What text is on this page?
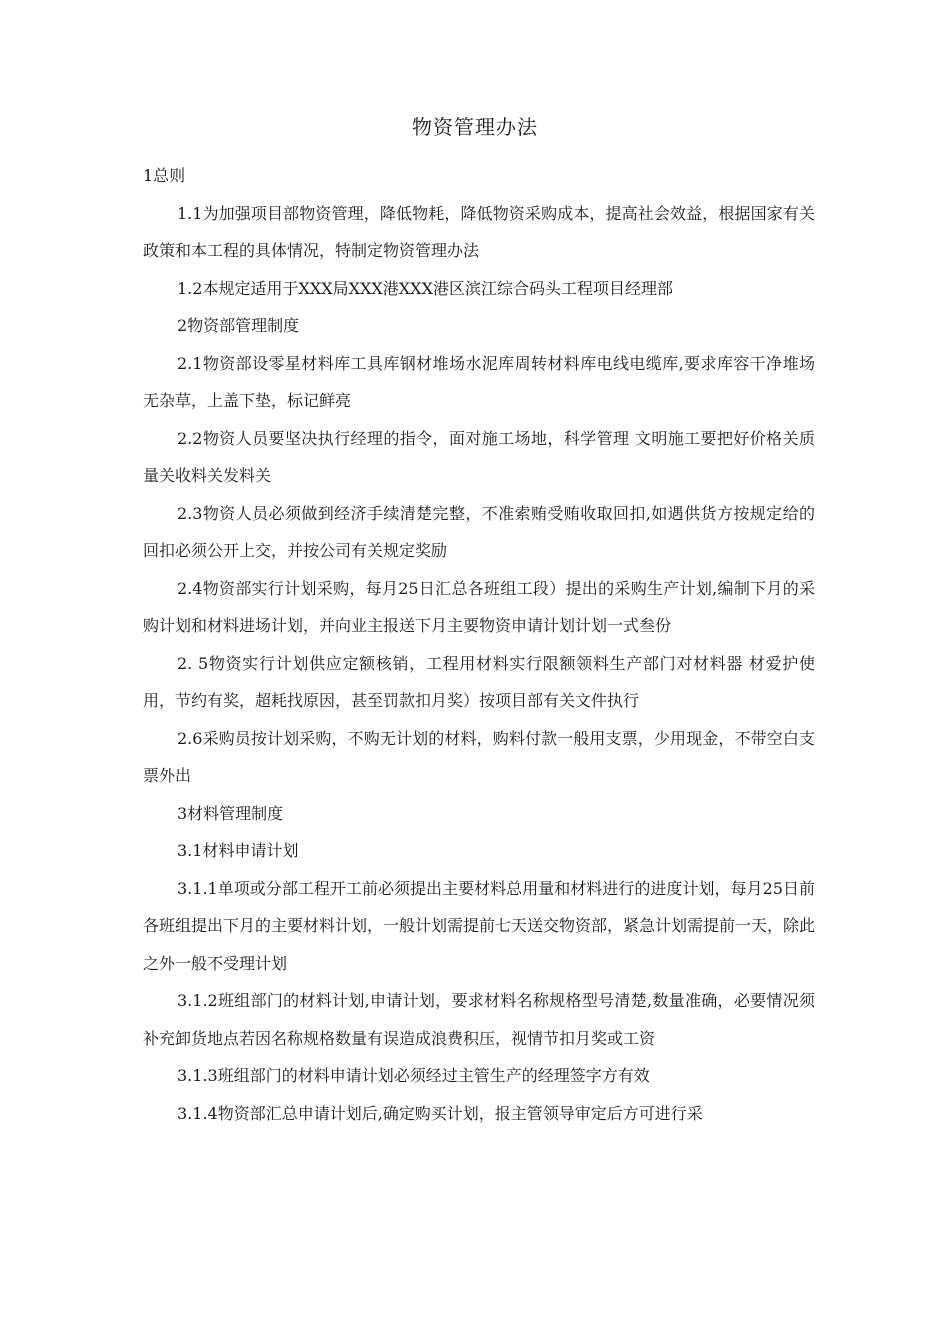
物资管理办法

1总则

1.1为加强项目部物资管理，降低物耗，降低物资采购成本，提高社会效益，根据国家有关政策和本工程的具体情况，特制定物资管理办法

1.2本规定适用于XXX局XXX港XXX港区滨江综合码头工程项目经理部

2物资部管理制度

2.1物资部设零星材料库工具库钢材堆场水泥库周转材料库电线电缆库,要求库容干净堆场无杂草，上盖下垫，标记鲜亮

2.2物资人员要坚决执行经理的指令，面对施工场地，科学管理 文明施工要把好价格关质量关收料关发料关

2.3物资人员必须做到经济手续清楚完整，不准索贿受贿收取回扣,如遇供货方按规定给的回扣必须公开上交，并按公司有关规定奖励

2.4物资部实行计划采购，每月25日汇总各班组工段）提出的采购生产计划,编制下月的采购计划和材料进场计划，并向业主报送下月主要物资申请计划计划一式叁份

2. 5物资实行计划供应定额核销，工程用材料实行限额领料生产部门对材料器 材爱护使用，节约有奖，超耗找原因，甚至罚款扣月奖）按项目部有关文件执行

2.6采购员按计划采购，不购无计划的材料，购料付款一般用支票，少用现金，不带空白支票外出

3材料管理制度

3.1材料申请计划

3.1.1单项或分部工程开工前必须提出主要材料总用量和材料进行的进度计划，每月25日前各班组提出下月的主要材料计划，一般计划需提前七天送交物资部，紧急计划需提前一天，除此之外一般不受理计划

3.1.2班组部门的材料计划,申请计划，要求材料名称规格型号清楚,数量准确，必要情况须补充卸货地点若因名称规格数量有误造成浪费积压，视情节扣月奖或工资

3.1.3班组部门的材料申请计划必须经过主管生产的经理签字方有效

3.1.4物资部汇总申请计划后,确定购买计划，报主管领导审定后方可进行采
